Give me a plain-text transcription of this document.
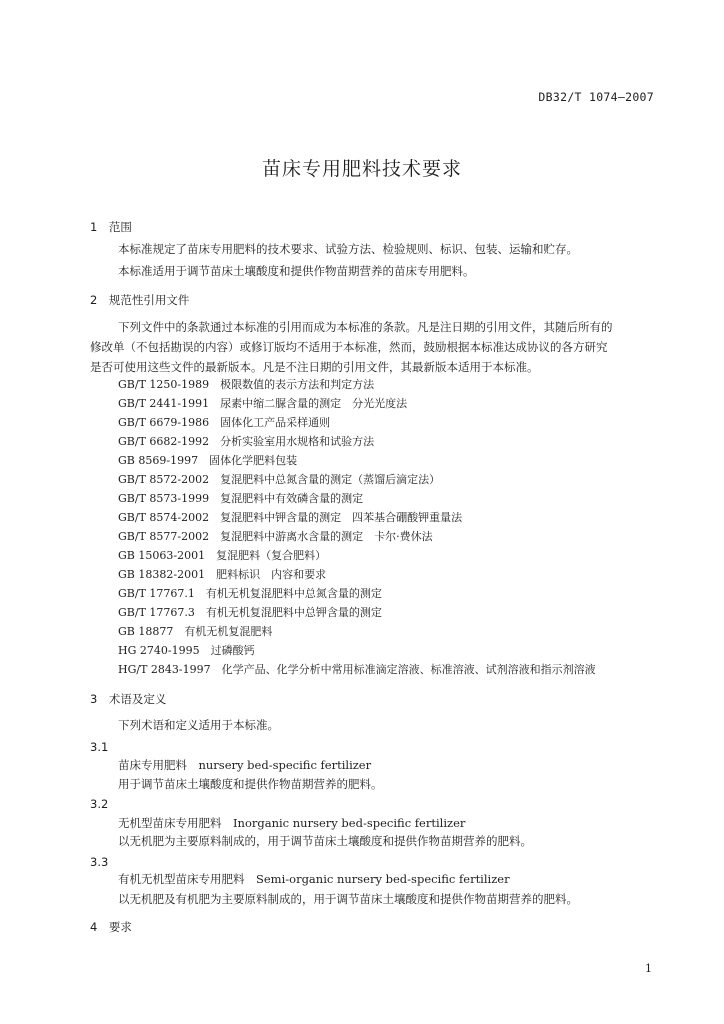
DB32/T 1074—2007
苗床专用肥料技术要求
1　范围
本标准规定了苗床专用肥料的技术要求、试验方法、检验规则、标识、包装、运输和贮存。
本标准适用于调节苗床土壤酸度和提供作物苗期营养的苗床专用肥料。
2　规范性引用文件
下列文件中的条款通过本标准的引用而成为本标准的条款。凡是注日期的引用文件，其随后所有的
修改单（不包括勘误的内容）或修订版均不适用于本标准，然而，鼓励根据本标准达成协议的各方研究
是否可使用这些文件的最新版本。凡是不注日期的引用文件，其最新版本适用于本标准。
GB/T 1250-1989　极限数值的表示方法和判定方法
GB/T 2441-1991　尿素中缩二脲含量的测定　分光光度法
GB/T 6679-1986　固体化工产品采样通则
GB/T 6682-1992　分析实验室用水规格和试验方法
GB 8569-1997　固体化学肥料包装
GB/T 8572-2002　复混肥料中总氮含量的测定（蒸馏后滴定法）
GB/T 8573-1999　复混肥料中有效磷含量的测定
GB/T 8574-2002　复混肥料中钾含量的测定　四苯基合硼酸钾重量法
GB/T 8577-2002　复混肥料中游离水含量的测定　卡尔·费休法
GB 15063-2001　复混肥料（复合肥料）
GB 18382-2001　肥料标识　内容和要求
GB/T 17767.1　有机无机复混肥料中总氮含量的测定
GB/T 17767.3　有机无机复混肥料中总钾含量的测定
GB 18877　有机无机复混肥料
HG 2740-1995　过磷酸钙
HG/T 2843-1997　化学产品、化学分析中常用标准滴定溶液、标准溶液、试剂溶液和指示剂溶液
3　术语及定义
下列术语和定义适用于本标准。
3.1
苗床专用肥料　nursery bed-specific fertilizer
用于调节苗床土壤酸度和提供作物苗期营养的肥料。
3.2
无机型苗床专用肥料　Inorganic nursery bed-specific fertilizer
以无机肥为主要原料制成的，用于调节苗床土壤酸度和提供作物苗期营养的肥料。
3.3
有机无机型苗床专用肥料　Semi-organic nursery bed-specific fertilizer
以无机肥及有机肥为主要原料制成的，用于调节苗床土壤酸度和提供作物苗期营养的肥料。
4　要求
1
